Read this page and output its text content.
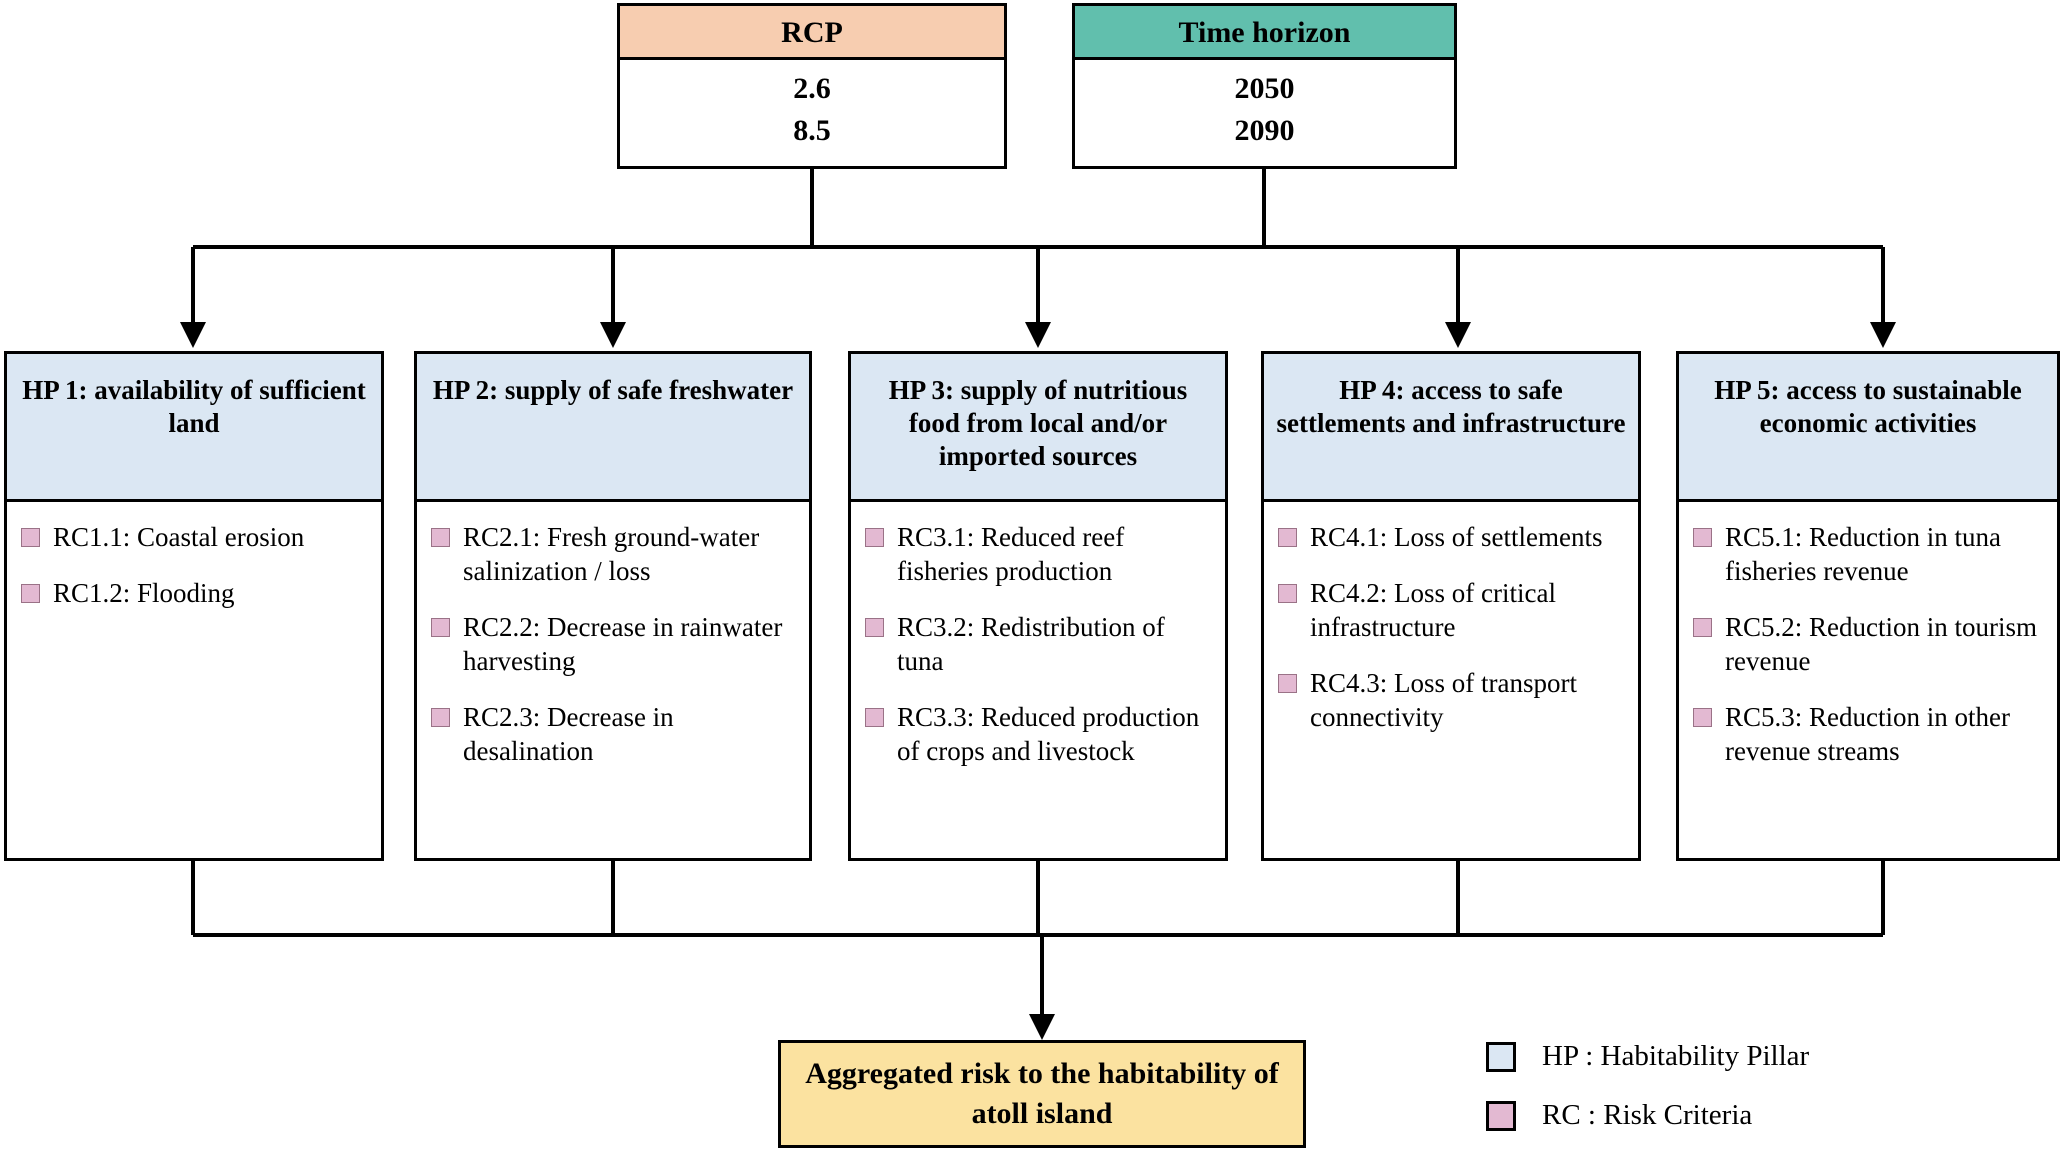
RCP
2.6
8.5
Time horizon
2050
2090
HP 1: availability of sufficient land
RC1.1: Coastal erosion
RC1.2: Flooding
HP 2: supply of safe freshwater
RC2.1: Fresh ground-water salinization / loss
RC2.2: Decrease in rainwater harvesting
RC2.3: Decrease in desalination
HP 3: supply of nutritious food from local and/or imported sources
RC3.1: Reduced reef fisheries production
RC3.2: Redistribution of tuna
RC3.3: Reduced production of crops and livestock
HP 4: access to safe settlements and infrastructure
RC4.1: Loss of settlements
RC4.2: Loss of critical infrastructure
RC4.3: Loss of transport connectivity
HP 5: access to sustainable economic activities
RC5.1: Reduction in tuna fisheries revenue
RC5.2: Reduction in tourism revenue
RC5.3: Reduction in other revenue streams
Aggregated risk to the habitability of atoll island
HP : Habitability Pillar
RC : Risk Criteria
